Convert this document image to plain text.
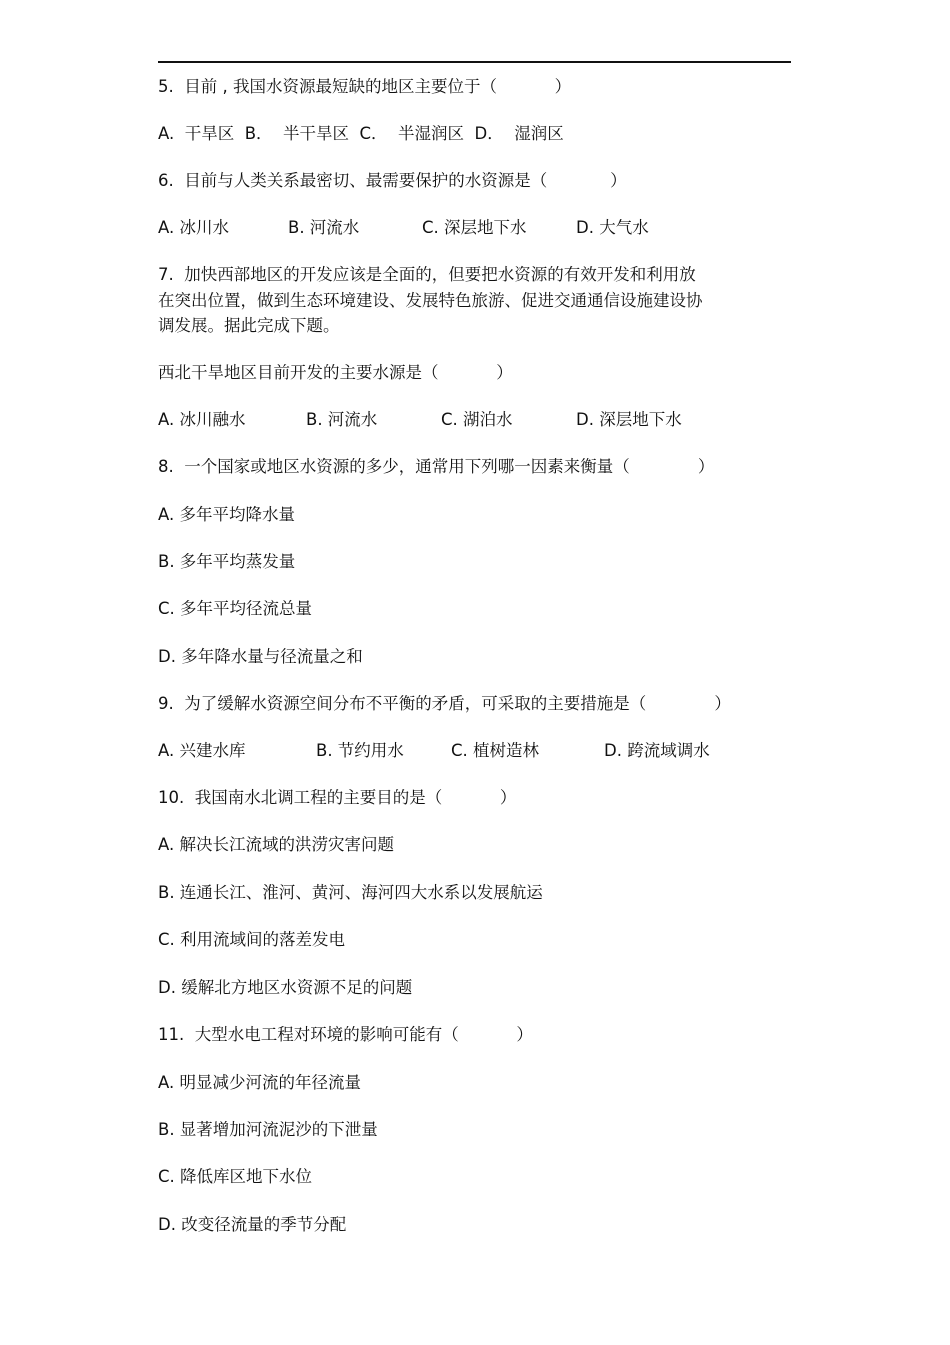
5.  目前 , 我国水资源最短缺的地区主要位于（           ）
A.  干旱区  B．  半干旱区  C．  半湿润区  D．  湿润区
6.  目前与人类关系最密切、最需要保护的水资源是（            ）

A. 冰川水

	B. 河流水

	C. 深层地下水

	D. 大气水

7.  加快西部地区的开发应该是全面的，但要把水资源的有效开发和利用放
在突出位置，做到生态环境建设、发展特色旅游、促进交通通信设施建设协
调发展。据此完成下题。
西北干旱地区目前开发的主要水源是（           ）

A. 冰川融水

	B. 河流水

	C. 湖泊水

	D. 深层地下水

8.  一个国家或地区水资源的多少，通常用下列哪一因素来衡量（             ）
A. 多年平均降水量
B. 多年平均蒸发量
C. 多年平均径流总量
D. 多年降水量与径流量之和
9.  为了缓解水资源空间分布不平衡的矛盾，可采取的主要措施是（             ）

A. 兴建水库

	B. 节约用水

	C. 植树造林

	D. 跨流域调水

10.  我国南水北调工程的主要目的是（           ）
A. 解决长江流域的洪涝灾害问题
B. 连通长江、淮河、黄河、海河四大水系以发展航运
C. 利用流域间的落差发电
D. 缓解北方地区水资源不足的问题
11.  大型水电工程对环境的影响可能有（           ）
A. 明显减少河流的年径流量
B. 显著增加河流泥沙的下泄量
C. 降低库区地下水位
D. 改变径流量的季节分配
